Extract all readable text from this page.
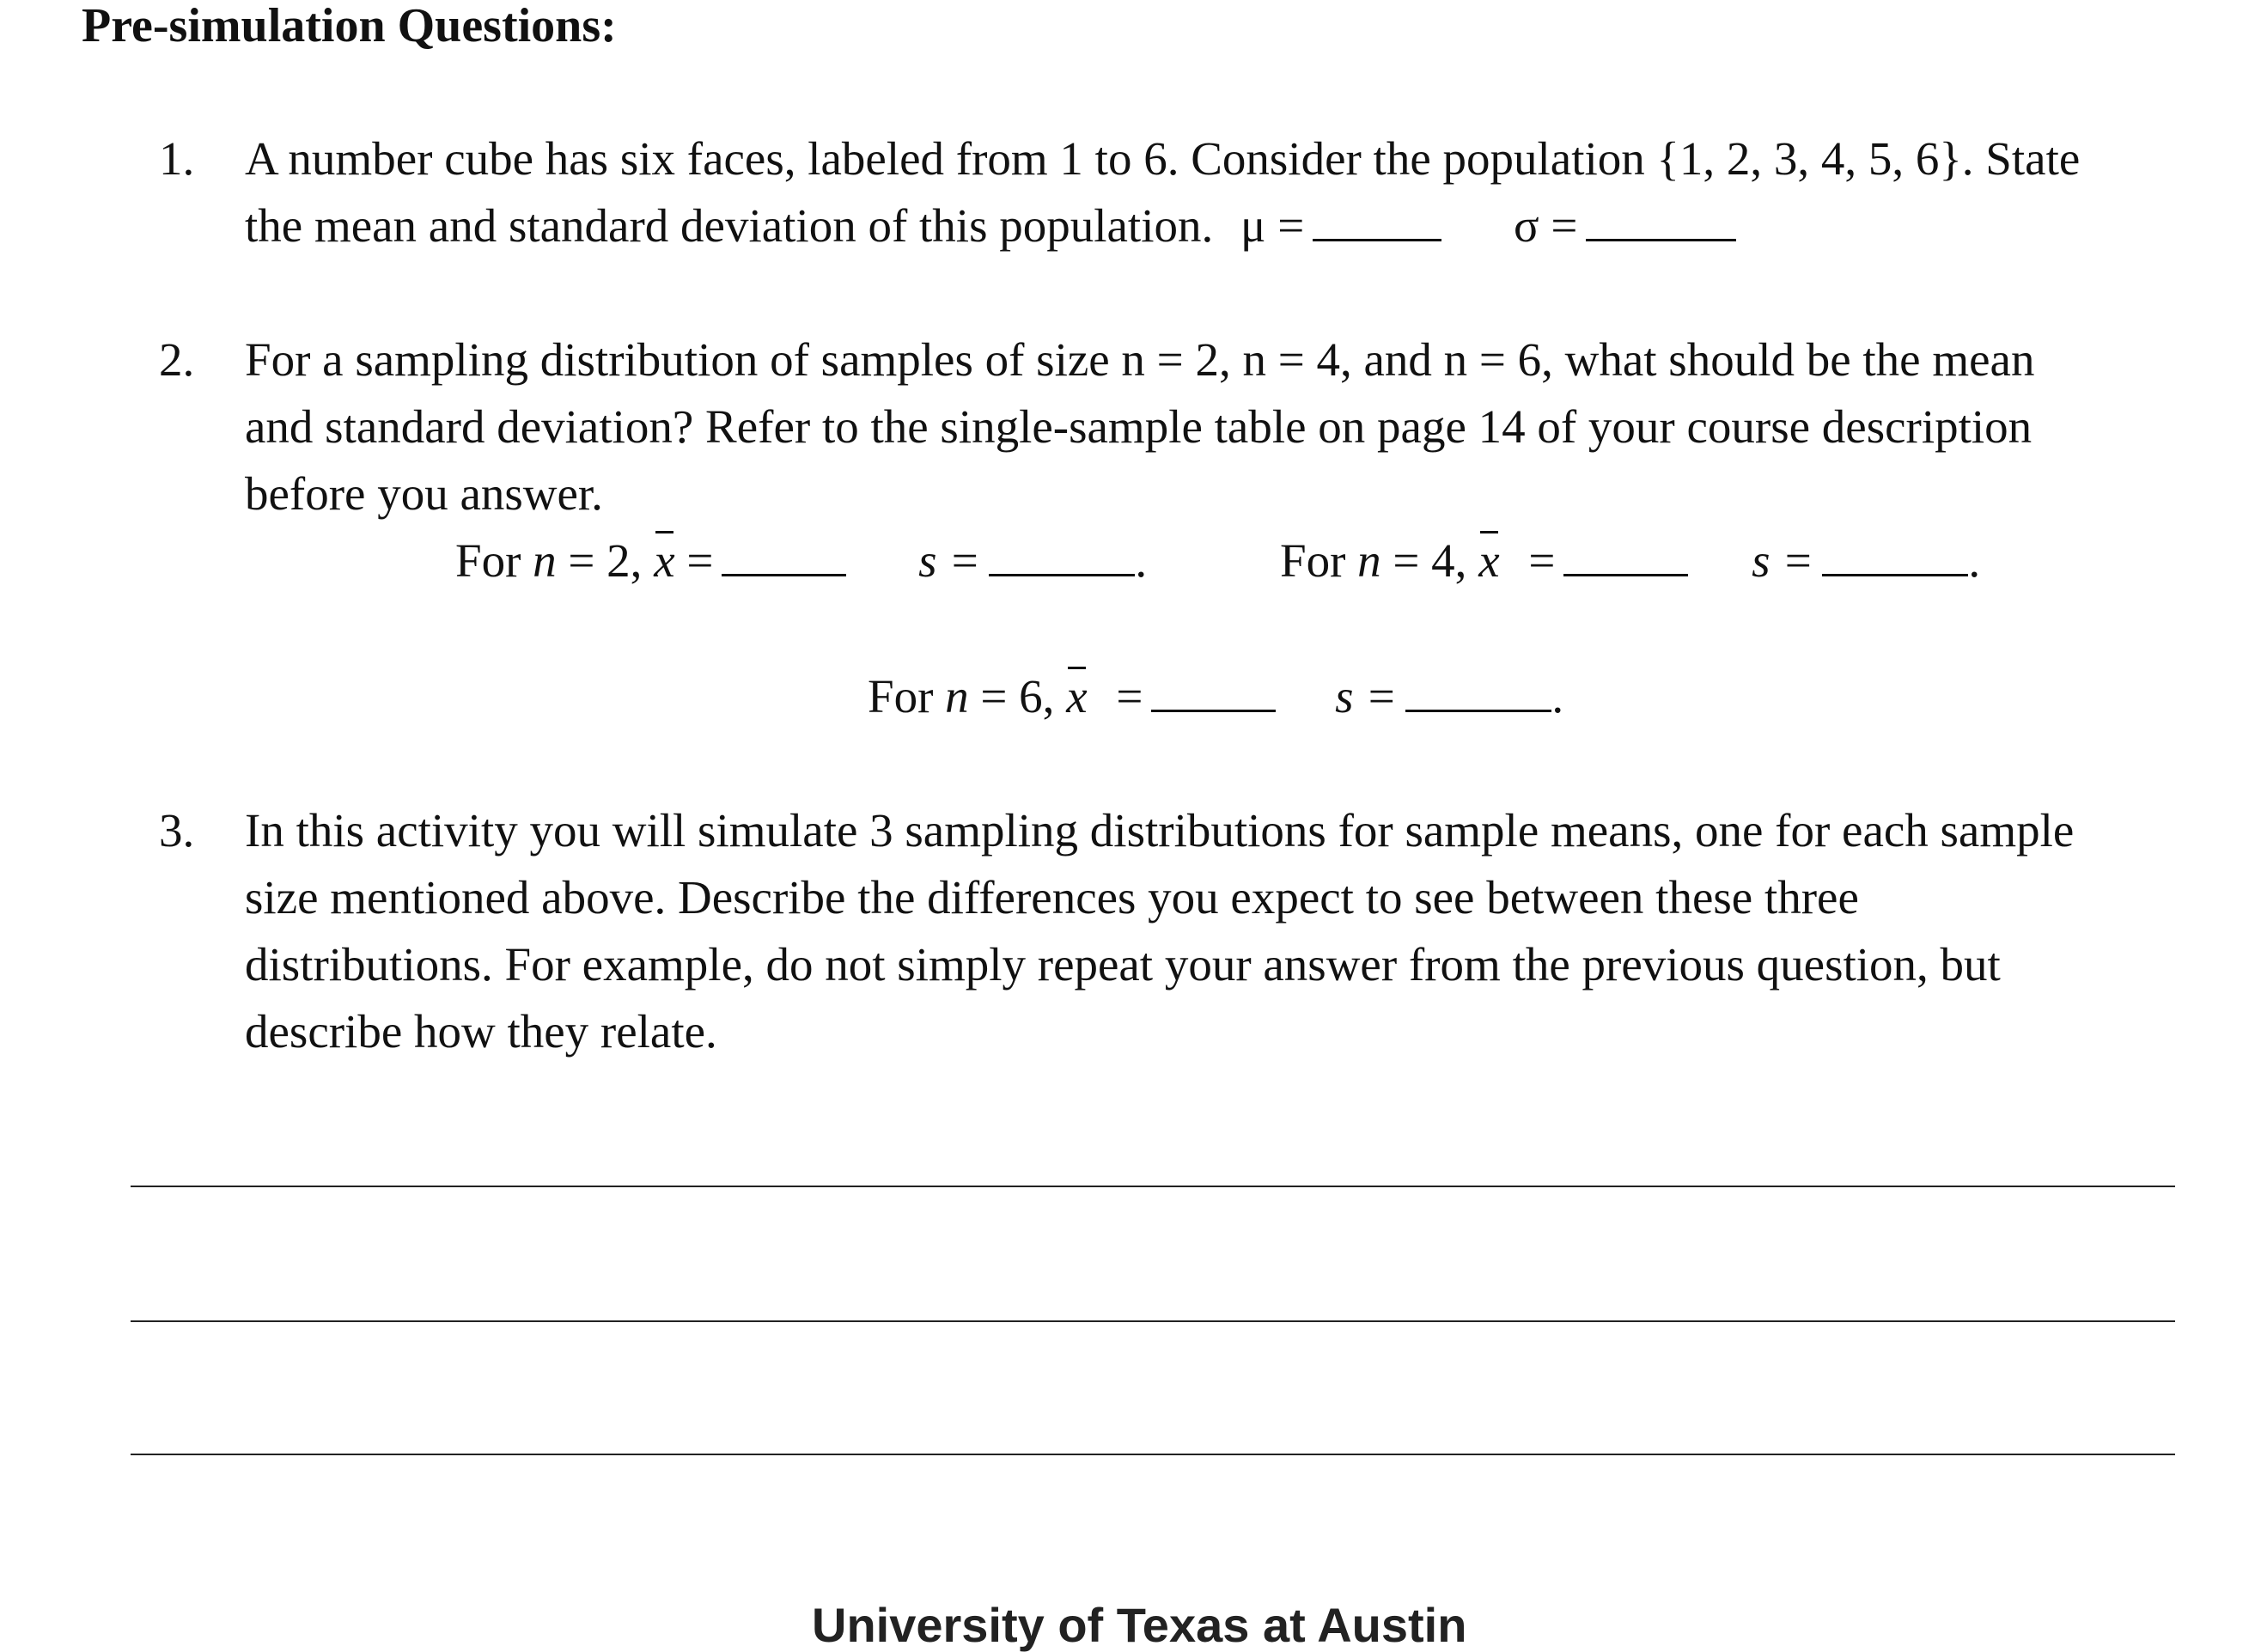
Pre-simulation Questions:
1. A number cube has six faces, labeled from 1 to 6. Consider the population {1, 2, 3, 4, 5, 6}. State
the mean and standard deviation of this population. μ =	σ =
2. For a sampling distribution of samples of size n = 2, n = 4, and n = 6, what should be the mean
and standard deviation? Refer to the single-sample table on page 14 of your course description
before you answer.
For n = 2, x =	s =	.	For n = 4, x =	s =	.
For n = 6, x =	s =	.
3. In this activity you will simulate 3 sampling distributions for sample means, one for each sample
size mentioned above. Describe the differences you expect to see between these three
distributions. For example, do not simply repeat your answer from the previous question, but
describe how they relate.
University of Texas at Austin
